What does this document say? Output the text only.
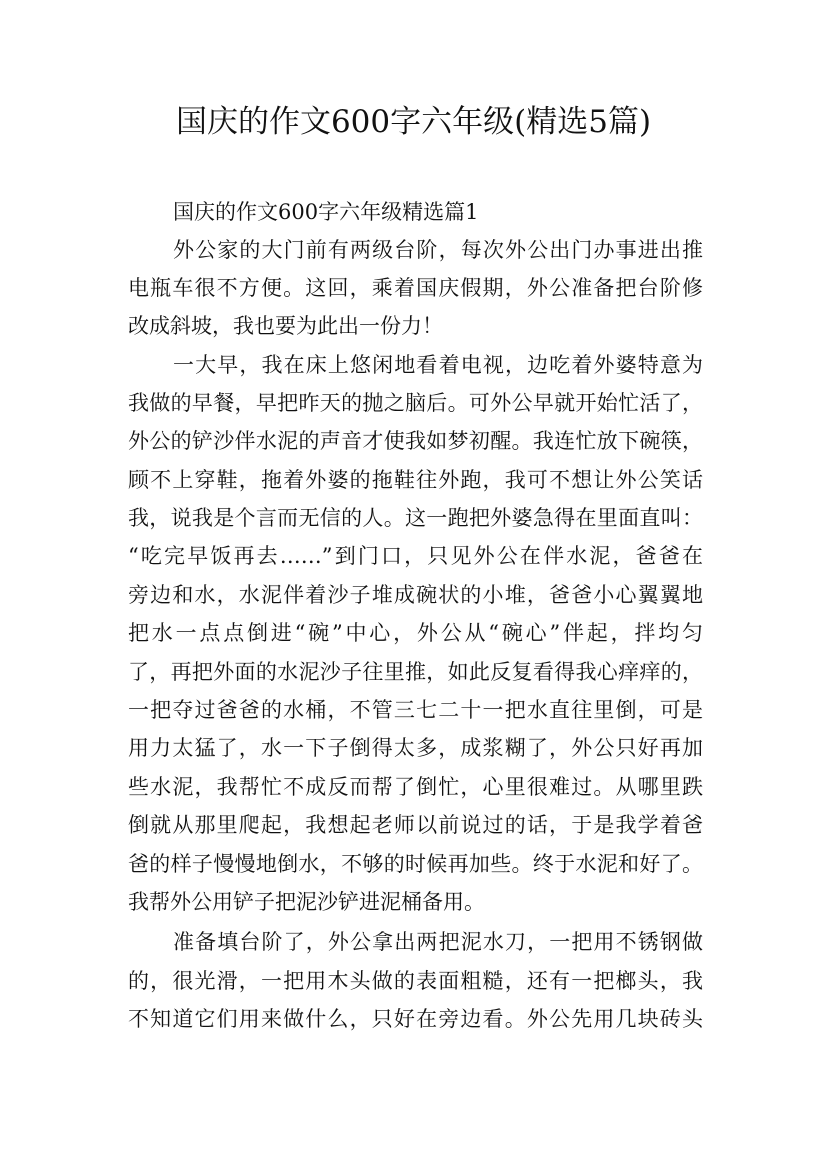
国庆的作文600字六年级(精选5篇)
国庆的作文600字六年级精选篇1
外公家的大门前有两级台阶，每次外公出门办事进出推
电瓶车很不方便。这回，乘着国庆假期，外公准备把台阶修
改成斜坡，我也要为此出一份力！
一大早，我在床上悠闲地看着电视，边吃着外婆特意为
我做的早餐，早把昨天的抛之脑后。可外公早就开始忙活了，
外公的铲沙伴水泥的声音才使我如梦初醒。我连忙放下碗筷，
顾不上穿鞋，拖着外婆的拖鞋往外跑，我可不想让外公笑话
我，说我是个言而无信的人。这一跑把外婆急得在里面直叫：
“吃完早饭再去……”到门口，只见外公在伴水泥，爸爸在
旁边和水，水泥伴着沙子堆成碗状的小堆，爸爸小心翼翼地
把水一点点倒进“碗”中心，外公从“碗心”伴起，拌均匀
了，再把外面的水泥沙子往里推，如此反复看得我心痒痒的，
一把夺过爸爸的水桶，不管三七二十一把水直往里倒，可是
用力太猛了，水一下子倒得太多，成浆糊了，外公只好再加
些水泥，我帮忙不成反而帮了倒忙，心里很难过。从哪里跌
倒就从那里爬起，我想起老师以前说过的话，于是我学着爸
爸的样子慢慢地倒水，不够的时候再加些。终于水泥和好了。
我帮外公用铲子把泥沙铲进泥桶备用。
准备填台阶了，外公拿出两把泥水刀，一把用不锈钢做
的，很光滑，一把用木头做的表面粗糙，还有一把榔头，我
不知道它们用来做什么，只好在旁边看。外公先用几块砖头
